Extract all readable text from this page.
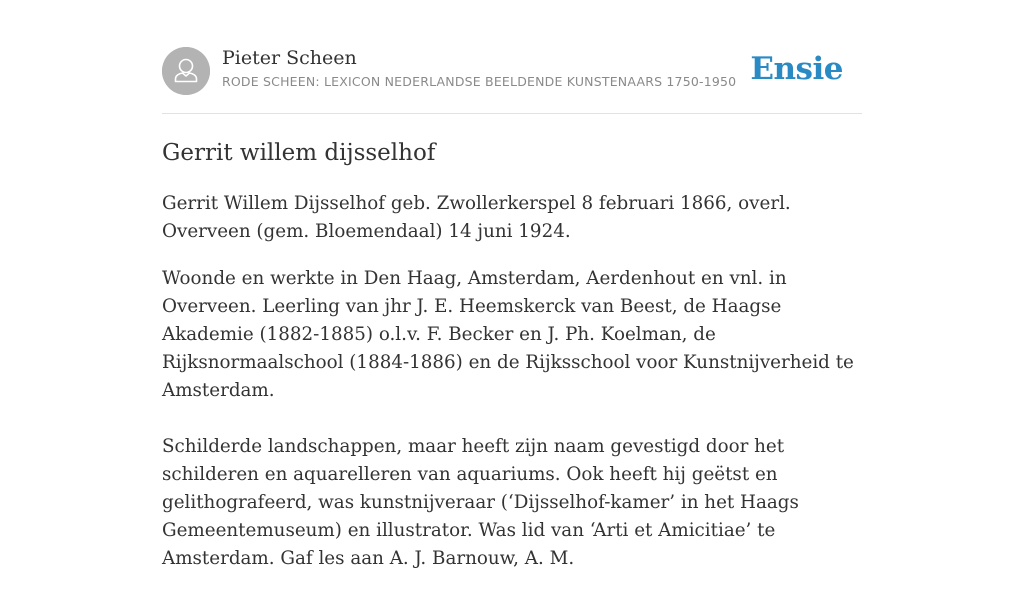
Pieter Scheen
RODE SCHEEN: LEXICON NEDERLANDSE BEELDENDE KUNSTENAARS 1750-1950 Ensie
Gerrit willem dijsselhof

Gerrit Willem Dijsselhof geb. Zwollerkerspel 8 februari 1866, overl. Overveen (gem. Bloemendaal) 14 juni 1924.

Woonde en werkte in Den Haag, Amsterdam, Aerdenhout en vnl. in Overveen. Leerling van jhr J. E. Heemskerck van Beest, de Haagse Akademie (1882-1885) o.l.v. F. Becker en J. Ph. Koelman, de Rijksnormaalschool (1884-1886) en de Rijksschool voor Kunstnijverheid te Amsterdam.

Schilderde landschappen, maar heeft zijn naam gevestigd door het schilderen en aquarelleren van aquariums. Ook heeft hij geëtst en gelithografeerd, was kunstnijveraar (‘Dijsselhof-kamer’ in het Haags Gemeentemuseum) en illustrator. Was lid van ‘Arti et Amicitiae’ te Amsterdam. Gaf les aan A. J. Barnouw, A. M.
